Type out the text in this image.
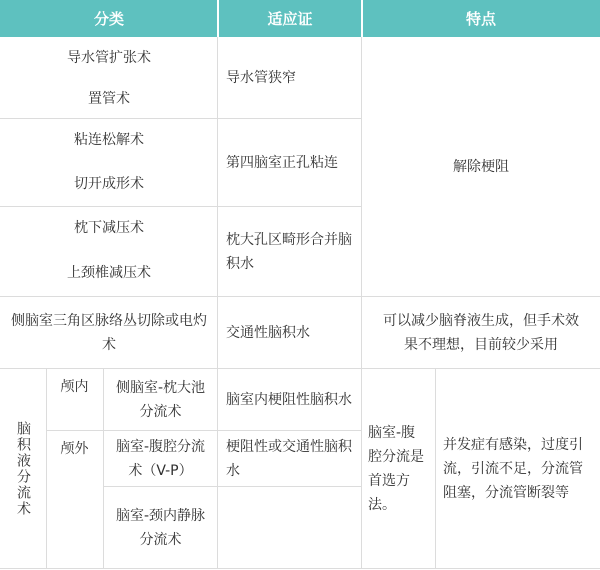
分类	适应证	特点
导水管扩张术
置管术
粘连松解术
切开成形术
枕下减压术
上颈椎减压术
侧脑室三角区脉络丛切除或电灼术
导水管狭窄
第四脑室正孔粘连
枕大孔区畸形合并脑积水
交通性脑积水
解除梗阻
可以减少脑脊液生成，但手术效果不理想，目前较少采用
脑积液分流术
颅内
颅外
侧脑室-枕大池分流术
脑室-腹腔分流术（V-P）
脑室-颈内静脉分流术
脑室内梗阻性脑积水
梗阻性或交通性脑积水
脑室-腹腔分流是首选方法。
并发症有感染，过度引流，引流不足，分流管阻塞，分流管断裂等
